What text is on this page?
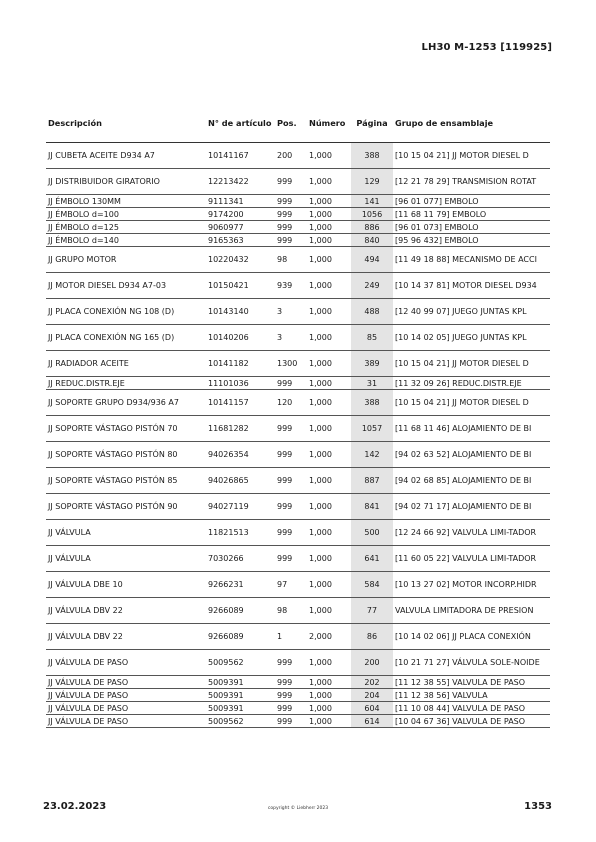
LH30 M-1253 [119925]
Descripción	N° de artículo	Pos.	Número	Página	Grupo de ensamblaje
JJ CUBETA ACEITE D934 A7	10141167	200	1,000	388	[10 15 04 21] JJ MOTOR DIESEL D
JJ DISTRIBUIDOR GIRATORIO	12213422	999	1,000	129	[12 21 78 29] TRANSMISION ROTAT
JJ ÉMBOLO 130MM	9111341	999	1,000	141	[96 01 077] EMBOLO
JJ ÉMBOLO d=100	9174200	999	1,000	1056	[11 68 11 79] EMBOLO
JJ ÉMBOLO d=125	9060977	999	1,000	886	[96 01 073] EMBOLO
JJ ÉMBOLO d=140	9165363	999	1,000	840	[95 96 432] EMBOLO
JJ GRUPO MOTOR	10220432	98	1,000	494	[11 49 18 88] MECANISMO DE ACCI
JJ MOTOR DIESEL D934 A7-03	10150421	939	1,000	249	[10 14 37 81] MOTOR DIESEL D934
JJ PLACA CONEXIÓN NG 108 (D)	10143140	3	1,000	488	[12 40 99 07] JUEGO JUNTAS KPL
JJ PLACA CONEXIÓN NG 165 (D)	10140206	3	1,000	85	[10 14 02 05] JUEGO JUNTAS KPL
JJ RADIADOR ACEITE	10141182	1300	1,000	389	[10 15 04 21] JJ MOTOR DIESEL D
JJ REDUC.DISTR.EJE	11101036	999	1,000	31	[11 32 09 26] REDUC.DISTR.EJE
JJ SOPORTE GRUPO D934/936 A7	10141157	120	1,000	388	[10 15 04 21] JJ MOTOR DIESEL D
JJ SOPORTE VÁSTAGO PISTÓN 70	11681282	999	1,000	1057	[11 68 11 46] ALOJAMIENTO DE BI
JJ SOPORTE VÁSTAGO PISTÓN 80	94026354	999	1,000	142	[94 02 63 52] ALOJAMIENTO DE BI
JJ SOPORTE VÁSTAGO PISTÓN 85	94026865	999	1,000	887	[94 02 68 85] ALOJAMIENTO DE BI
JJ SOPORTE VÁSTAGO PISTÓN 90	94027119	999	1,000	841	[94 02 71 17] ALOJAMIENTO DE BI
JJ VÁLVULA	11821513	999	1,000	500	[12 24 66 92] VALVULA LIMI-TADOR
JJ VÁLVULA	7030266	999	1,000	641	[11 60 05 22] VALVULA LIMI-TADOR
JJ VÁLVULA DBE 10	9266231	97	1,000	584	[10 13 27 02] MOTOR INCORP.HIDR
JJ VÁLVULA DBV 22	9266089	98	1,000	77	VALVULA LIMITADORA DE PRESION
JJ VÁLVULA DBV 22	9266089	1	2,000	86	[10 14 02 06] JJ PLACA CONEXIÓN
JJ VÁLVULA DE PASO	5009562	999	1,000	200	[10 21 71 27] VÁLVULA SOLE-NOIDE
JJ VÁLVULA DE PASO	5009391	999	1,000	202	[11 12 38 55] VALVULA DE PASO
JJ VÁLVULA DE PASO	5009391	999	1,000	204	[11 12 38 56] VALVULA
JJ VÁLVULA DE PASO	5009391	999	1,000	604	[11 10 08 44] VALVULA DE PASO
JJ VÁLVULA DE PASO	5009562	999	1,000	614	[10 04 67 36] VALVULA DE PASO
23.02.2023	copyright © Liebherr 2023	1353
